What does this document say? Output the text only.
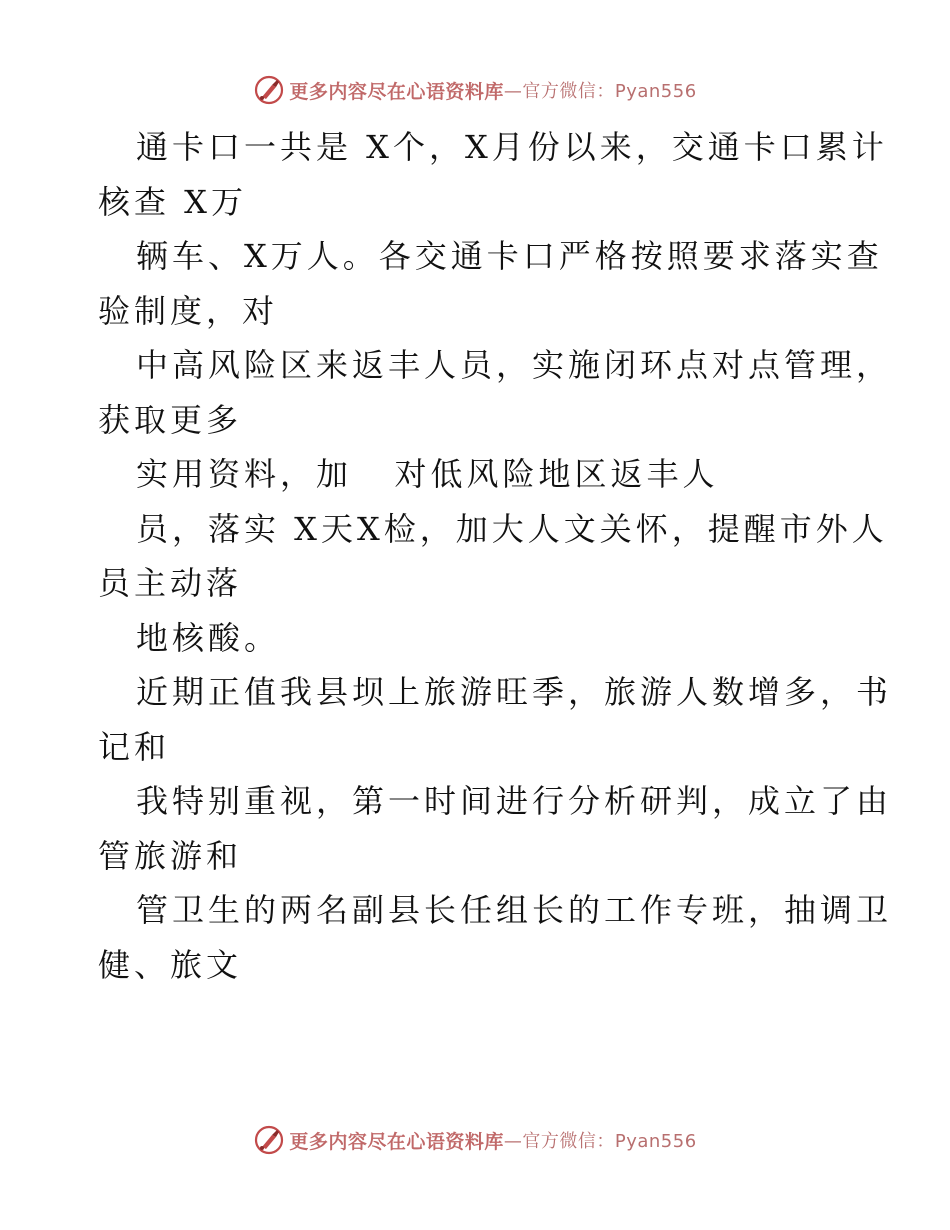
更多内容尽在心语资料库 —官方微信：Pyan556
通卡口一共是 X个，X月份以来，交通卡口累计
核查 X万
辆车、X万人。各交通卡口严格按照要求落实查
验制度，对
中高风险区来返丰人员，实施闭环点对点管理，
获取更多
实用资料，加   对低风险地区返丰人
员，落实 X天X检，加大人文关怀，提醒市外人
员主动落
地核酸。
近期正值我县坝上旅游旺季，旅游人数增多，书
记和
我特别重视，第一时间进行分析研判，成立了由
管旅游和
管卫生的两名副县长任组长的工作专班，抽调卫
健、旅文
更多内容尽在心语资料库 —官方微信：Pyan556
